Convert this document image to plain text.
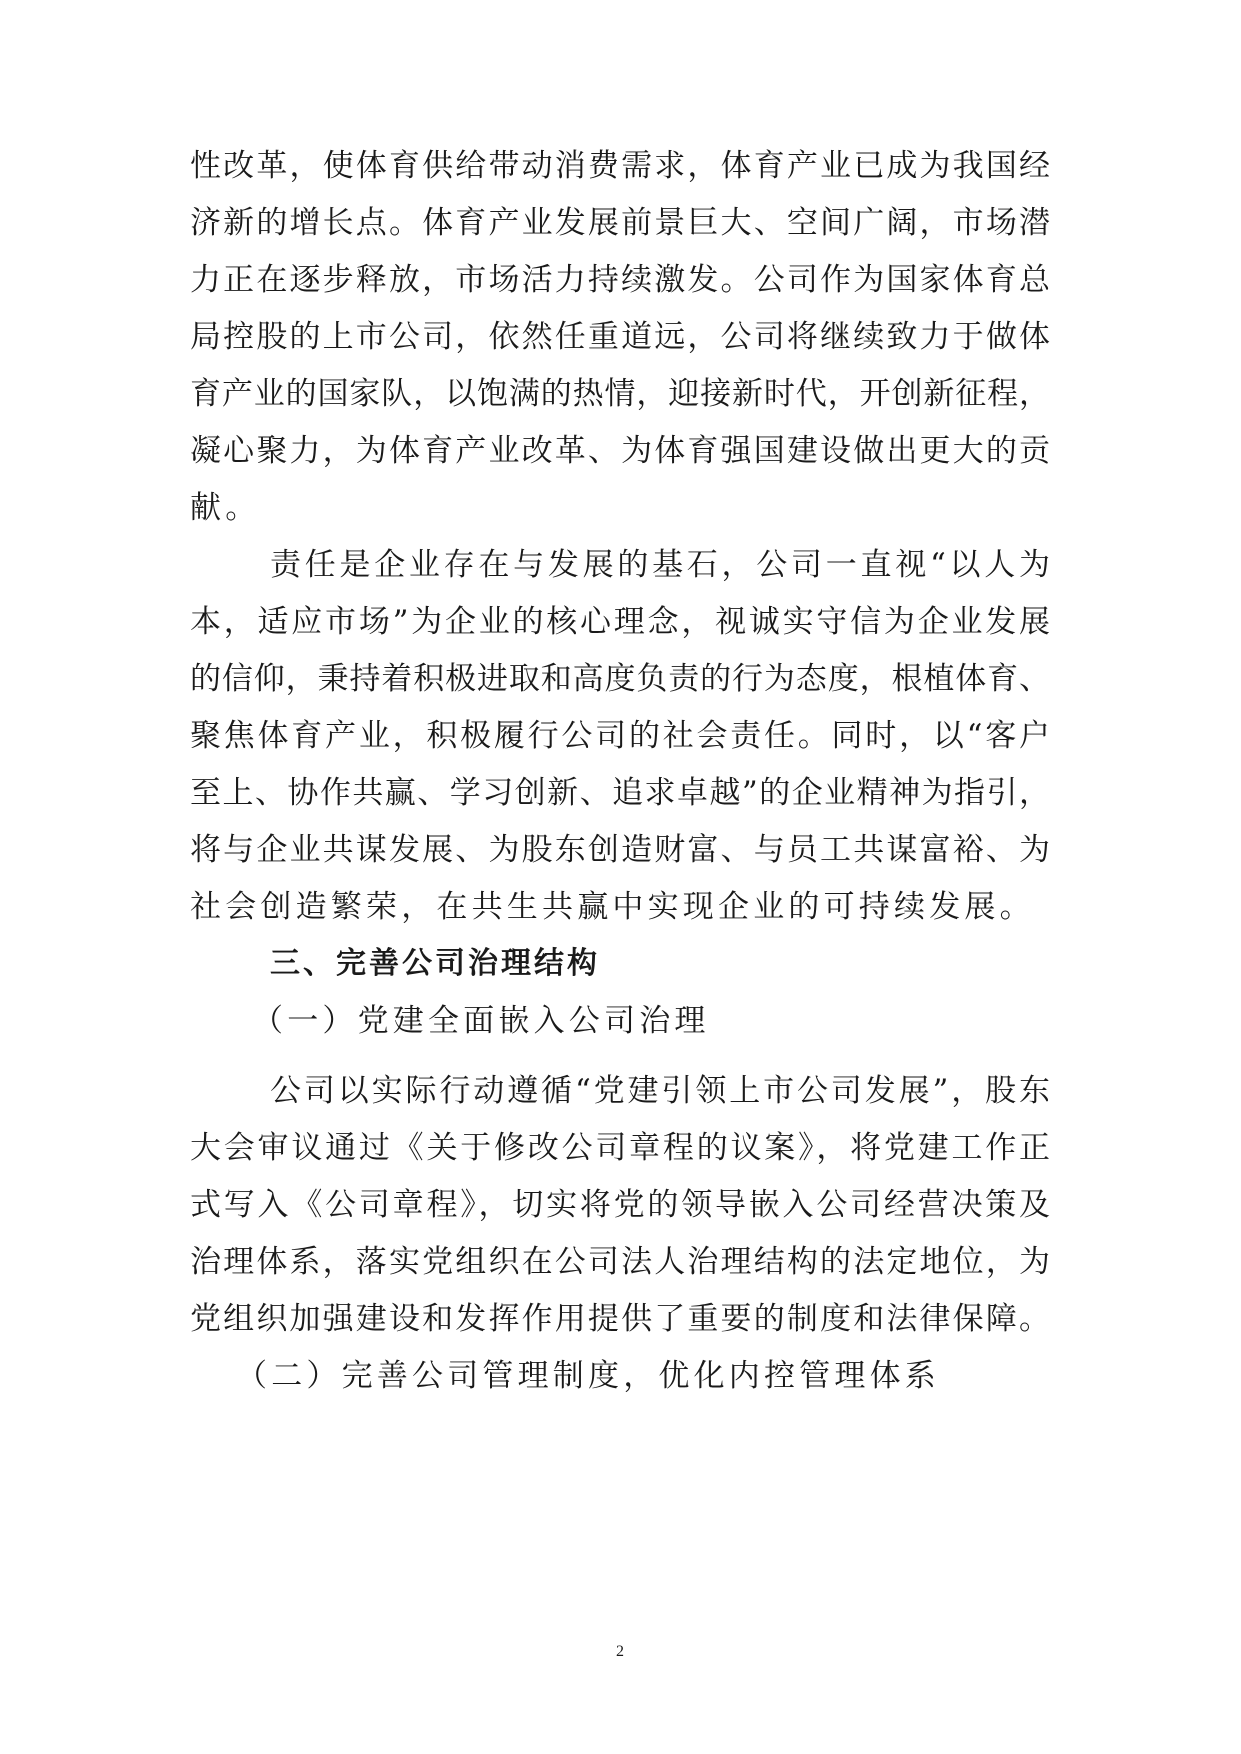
性改革，使体育供给带动消费需求，体育产业已成为我国经
济新的增长点。体育产业发展前景巨大、空间广阔，市场潜
力正在逐步释放，市场活力持续激发。公司作为国家体育总
局控股的上市公司，依然任重道远，公司将继续致力于做体
育产业的国家队，以饱满的热情，迎接新时代，开创新征程，
凝心聚力，为体育产业改革、为体育强国建设做出更大的贡
献。
责任是企业存在与发展的基石，公司一直视“以人为
本，适应市场”为企业的核心理念，视诚实守信为企业发展
的信仰，秉持着积极进取和高度负责的行为态度，根植体育、
聚焦体育产业，积极履行公司的社会责任。同时，以“客户
至上、协作共赢、学习创新、追求卓越”的企业精神为指引，
将与企业共谋发展、为股东创造财富、与员工共谋富裕、为
社会创造繁荣，在共生共赢中实现企业的可持续发展。
三、完善公司治理结构
（一）党建全面嵌入公司治理
公司以实际行动遵循“党建引领上市公司发展”，股东
大会审议通过《关于修改公司章程的议案》，将党建工作正
式写入《公司章程》，切实将党的领导嵌入公司经营决策及
治理体系，落实党组织在公司法人治理结构的法定地位，为
党组织加强建设和发挥作用提供了重要的制度和法律保障。
（二）完善公司管理制度，优化内控管理体系
2
